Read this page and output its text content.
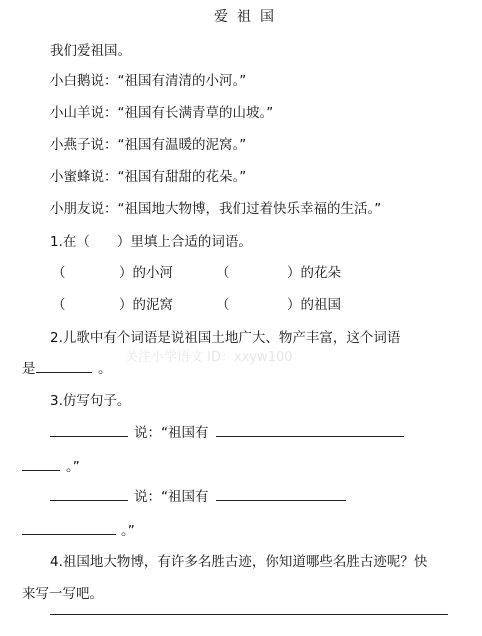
爱祖国
我们爱祖国。
小白鹅说：“祖国有清清的小河。”
小山羊说：“祖国有长满青草的山坡。”
小燕子说：“祖国有温暖的泥窝。”
小蜜蜂说：“祖国有甜甜的花朵。”
小朋友说：“祖国地大物博，我们过着快乐幸福的生活。”
1.在（　　）里填上合适的词语。
（	）的小河	（	）的花朵
（	）的泥窝	（	）的祖国
2.儿歌中有个词语是说祖国土地广大、物产丰富，这个词语
关注小学语文 ID：xxyw100
是	。
3.仿写句子。
说：“祖国有
。”
说：“祖国有
。”
4.祖国地大物博，有许多名胜古迹，你知道哪些名胜古迹呢？快
来写一写吧。
